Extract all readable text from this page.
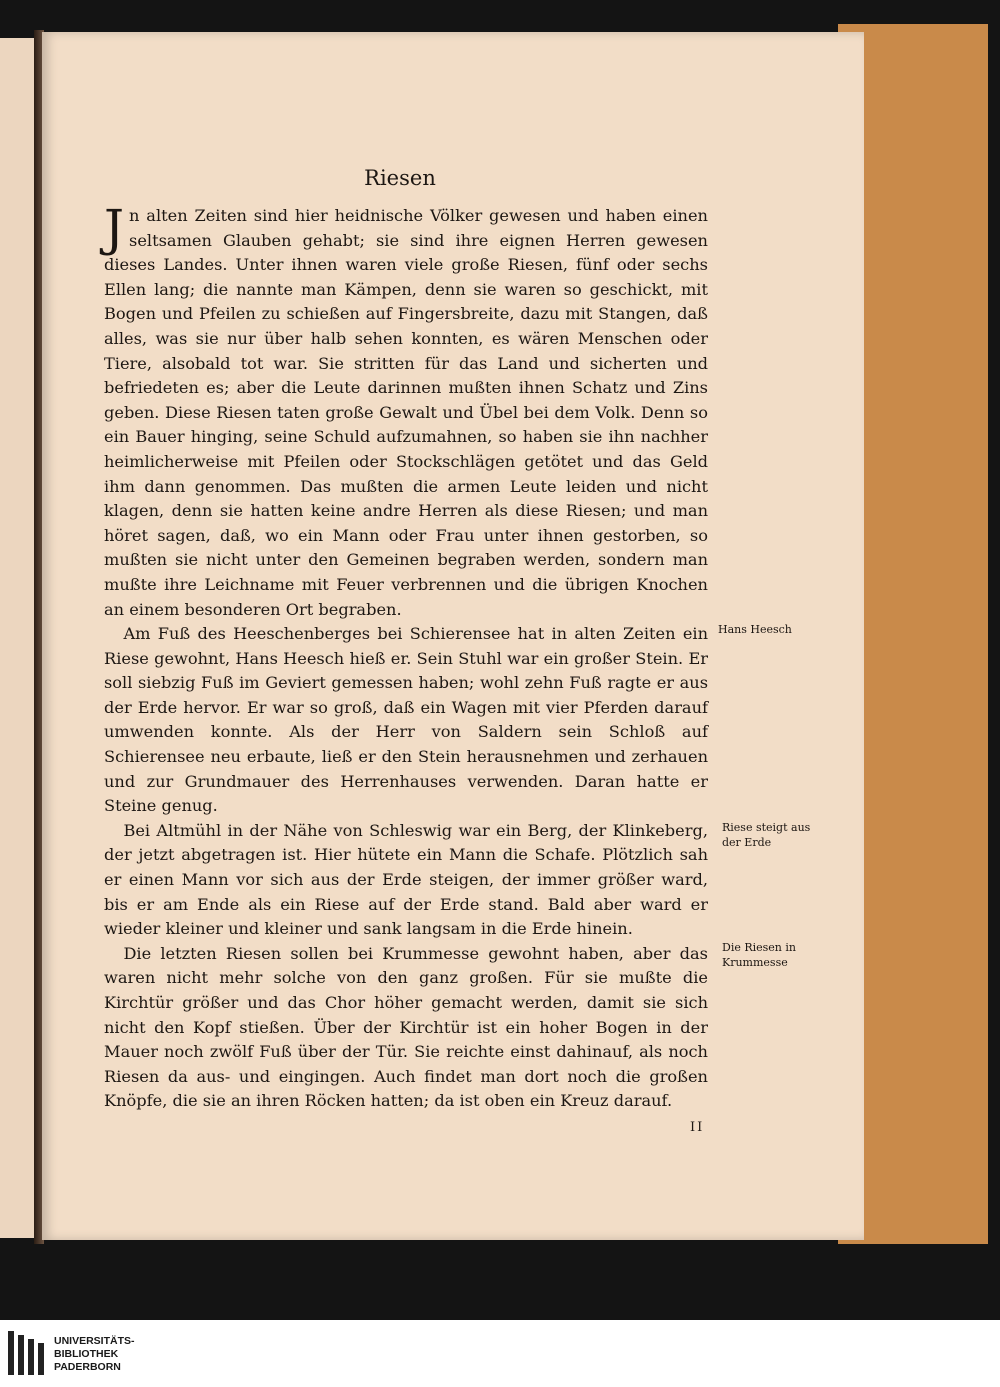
Riesen

Jn alten Zeiten sind hier heidnische Völker gewesen und haben einen seltsamen Glauben gehabt; sie sind ihre eignen Herren gewesen dieses Landes. Unter ihnen waren viele große Riesen, fünf oder sechs Ellen lang; die nannte man Kämpen, denn sie waren so geschickt, mit Bogen und Pfeilen zu schießen auf Fingersbreite, dazu mit Stangen, daß alles, was sie nur über halb sehen konnten, es wären Menschen oder Tiere, alsobald tot war. Sie stritten für das Land und sicherten und befriedeten es; aber die Leute darinnen mußten ihnen Schatz und Zins geben. Diese Riesen taten große Gewalt und Übel bei dem Volk. Denn so ein Bauer hinging, seine Schuld aufzumahnen, so haben sie ihn nachher heimlicherweise mit Pfeilen oder Stockschlägen getötet und das Geld ihm dann genommen. Das mußten die armen Leute leiden und nicht klagen, denn sie hatten keine andre Herren als diese Riesen; und man höret sagen, daß, wo ein Mann oder Frau unter ihnen gestorben, so mußten sie nicht unter den Gemeinen begraben werden, sondern man mußte ihre Leichname mit Feuer verbrennen und die übrigen Knochen an einem besonderen Ort begraben.

Am Fuß des Heeschenberges bei Schierensee hat in alten Zeiten ein Riese gewohnt, Hans Heesch hieß er. Sein Stuhl war ein großer Stein. Er soll siebzig Fuß im Geviert gemessen haben; wohl zehn Fuß ragte er aus der Erde hervor. Er war so groß, daß ein Wagen mit vier Pferden darauf umwenden konnte. Als der Herr von Saldern sein Schloß auf Schierensee neu erbaute, ließ er den Stein herausnehmen und zerhauen und zur Grundmauer des Herrenhauses verwenden. Daran hatte er Steine genug.

Bei Altmühl in der Nähe von Schleswig war ein Berg, der Klinkeberg, der jetzt abgetragen ist. Hier hütete ein Mann die Schafe. Plötzlich sah er einen Mann vor sich aus der Erde steigen, der immer größer ward, bis er am Ende als ein Riese auf der Erde stand. Bald aber ward er wieder kleiner und kleiner und sank langsam in die Erde hinein.

Die letzten Riesen sollen bei Krummesse gewohnt haben, aber das waren nicht mehr solche von den ganz großen. Für sie mußte die Kirchtür größer und das Chor höher gemacht werden, damit sie sich nicht den Kopf stießen. Über der Kirchtür ist ein hoher Bogen in der Mauer noch zwölf Fuß über der Tür. Sie reichte einst dahinauf, als noch Riesen da aus- und eingingen. Auch findet man dort noch die großen Knöpfe, die sie an ihren Röcken hatten; da ist oben ein Kreuz darauf.

Hans Heesch
Riese steigt aus der Erde
Die Riesen in Krummesse
II
UNIVERSITÄTS-
BIBLIOTHEK
PADERBORN
